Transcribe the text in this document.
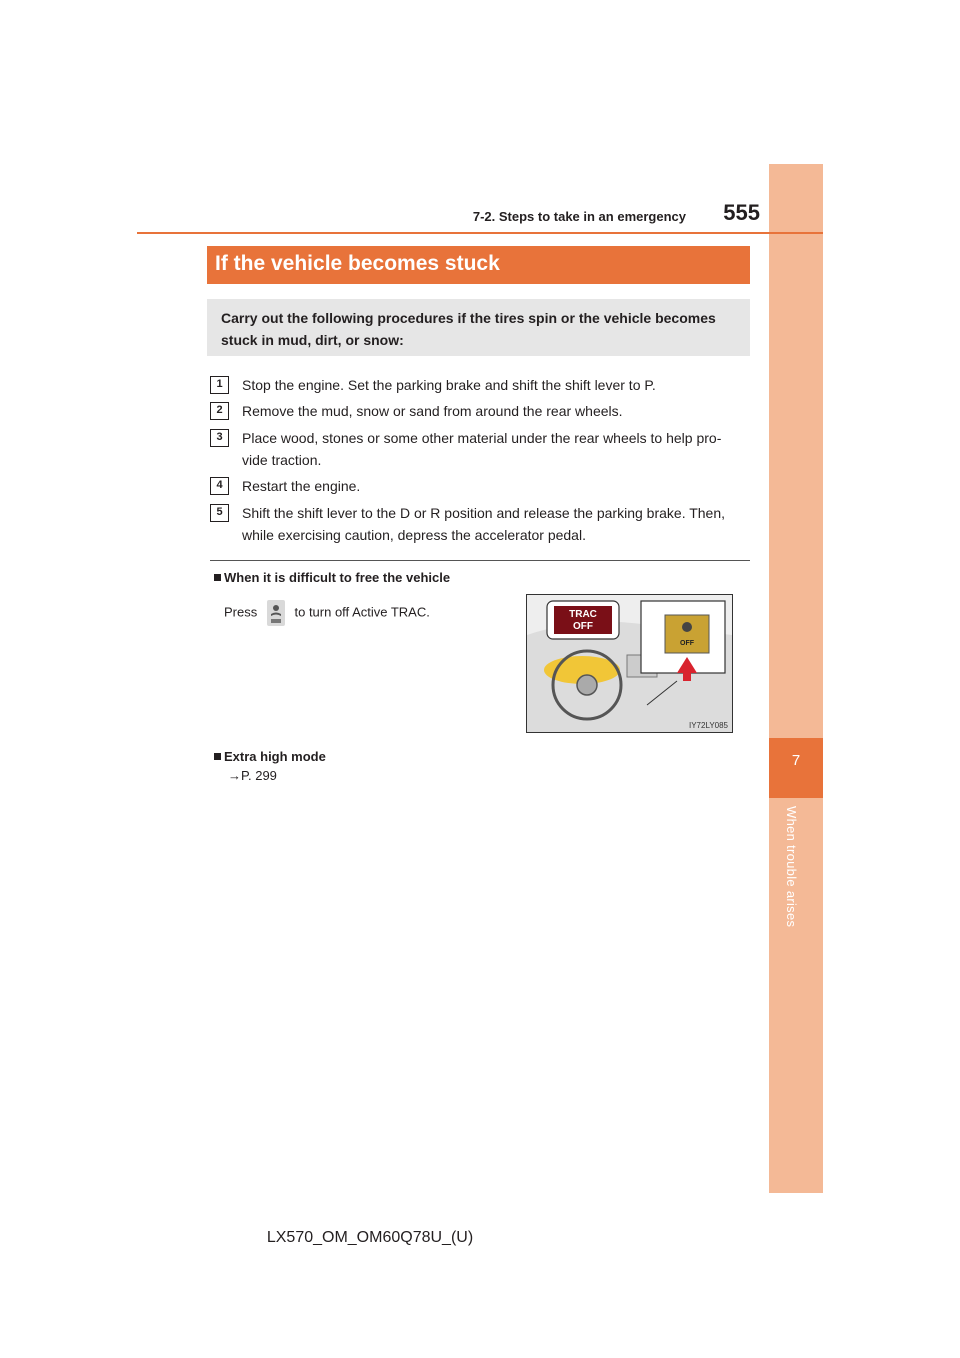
7
When trouble arises
7-2. Steps to take in an emergency	555
If the vehicle becomes stuck
Carry out the following procedures if the tires spin or the vehicle becomes stuck in mud, dirt, or snow:
1	Stop the engine. Set the parking brake and shift the shift lever to P.
2	Remove the mud, snow or sand from around the rear wheels.
3	Place wood, stones or some other material under the rear wheels to help pro-vide traction.
4	Restart the engine.
5	Shift the shift lever to the D or R position and release the parking brake. Then, while exercising caution, depress the accelerator pedal.
When it is difficult to free the vehicle
Press	to turn off Active TRAC.	TRAC
OFF
OFF
IY72LY085
Extra high mode
→P. 299
LX570_OM_OM60Q78U_(U)
